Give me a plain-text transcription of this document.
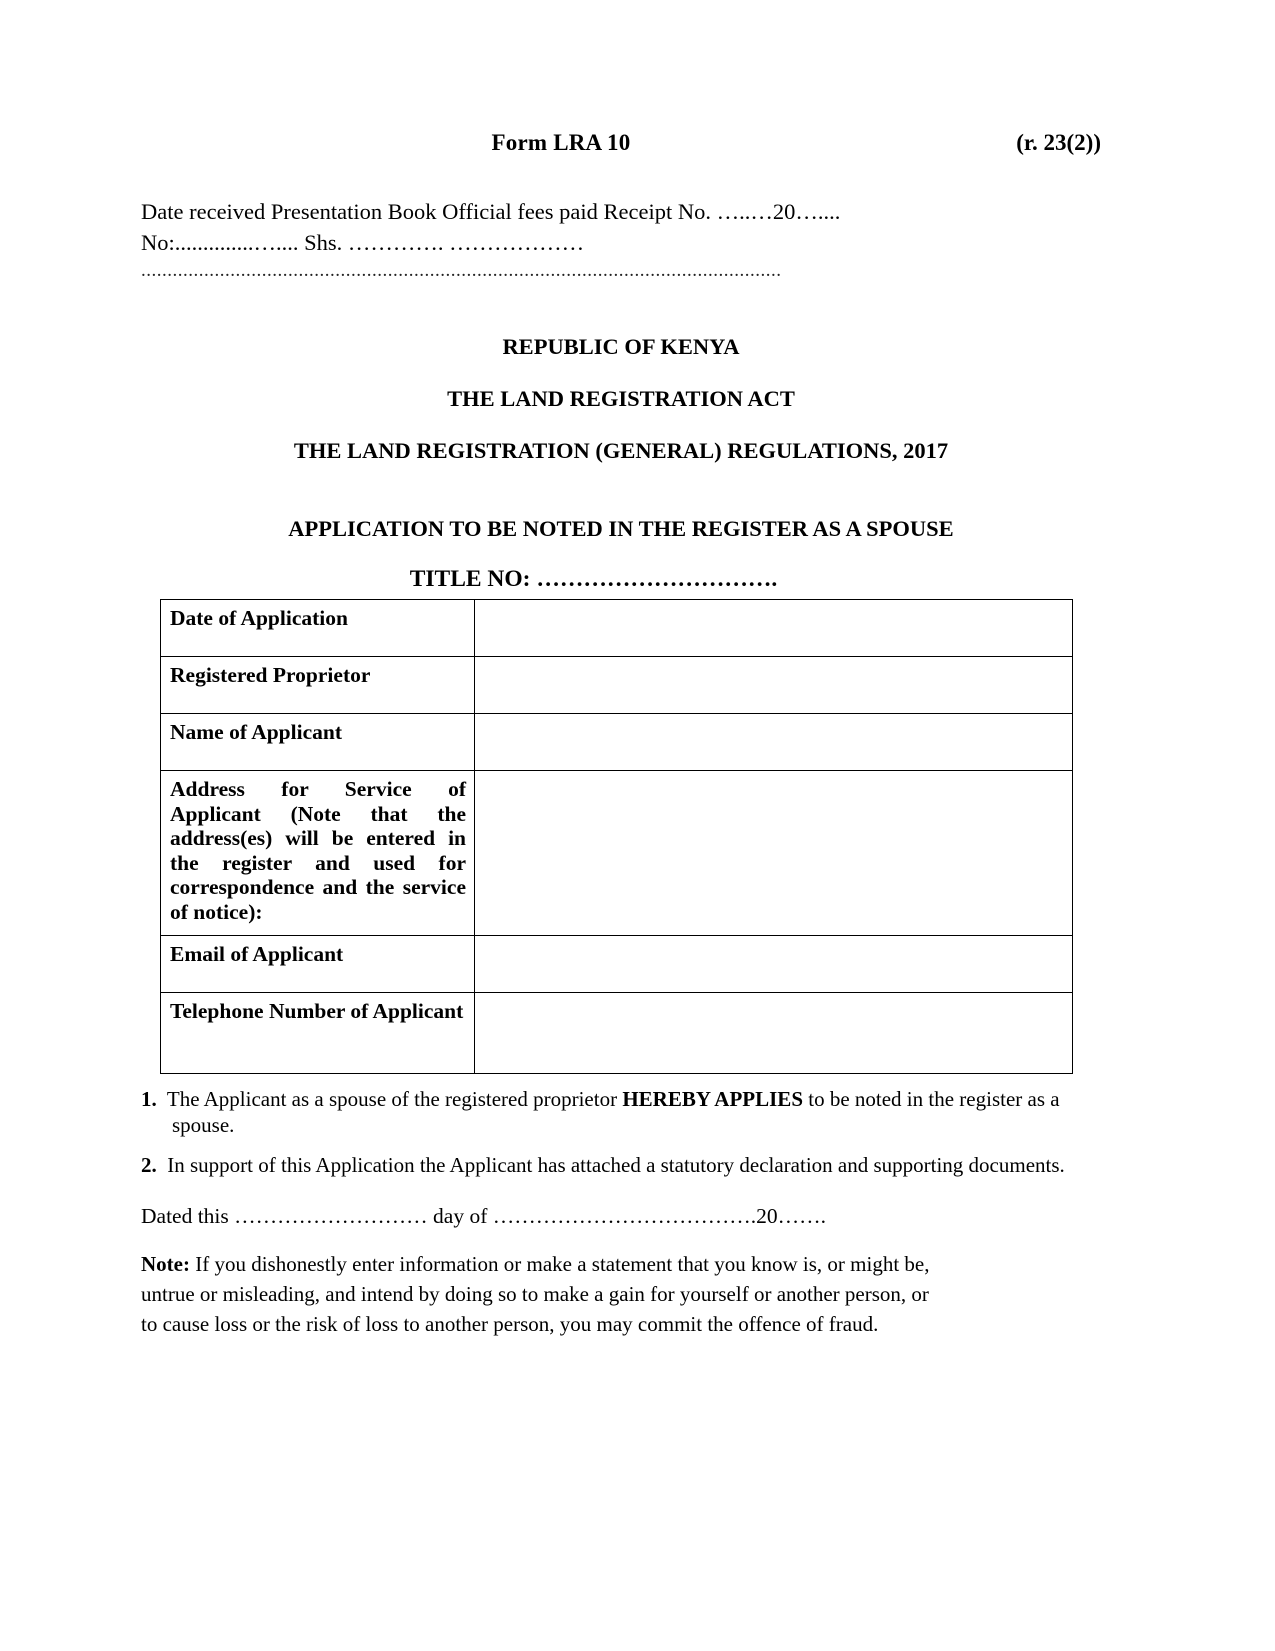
Form LRA 10	(r. 23(2))
Date received Presentation Book Official fees paid Receipt No. …..…20…....
No:..............….... Shs. …………. ………………
..........................................................................................................................
REPUBLIC OF KENYA
THE LAND REGISTRATION ACT
THE LAND REGISTRATION (GENERAL) REGULATIONS, 2017
APPLICATION TO BE NOTED IN THE REGISTER AS A SPOUSE
TITLE NO: ………………………….
Date of Application	
Registered Proprietor	
Name of Applicant	
Address for Service of Applicant (Note that the address(es) will be entered in the register and used for correspondence and the service of notice):	
Email of Applicant	
Telephone Number of Applicant	
1. The Applicant as a spouse of the registered proprietor HEREBY APPLIES to be noted in the register as a spouse.
2. In support of this Application the Applicant has attached a statutory declaration and supporting documents.
Dated this ……………………… day of ……………………………….20…….
Note: If you dishonestly enter information or make a statement that you know is, or might be,
untrue or misleading, and intend by doing so to make a gain for yourself or another person, or
to cause loss or the risk of loss to another person, you may commit the offence of fraud.
